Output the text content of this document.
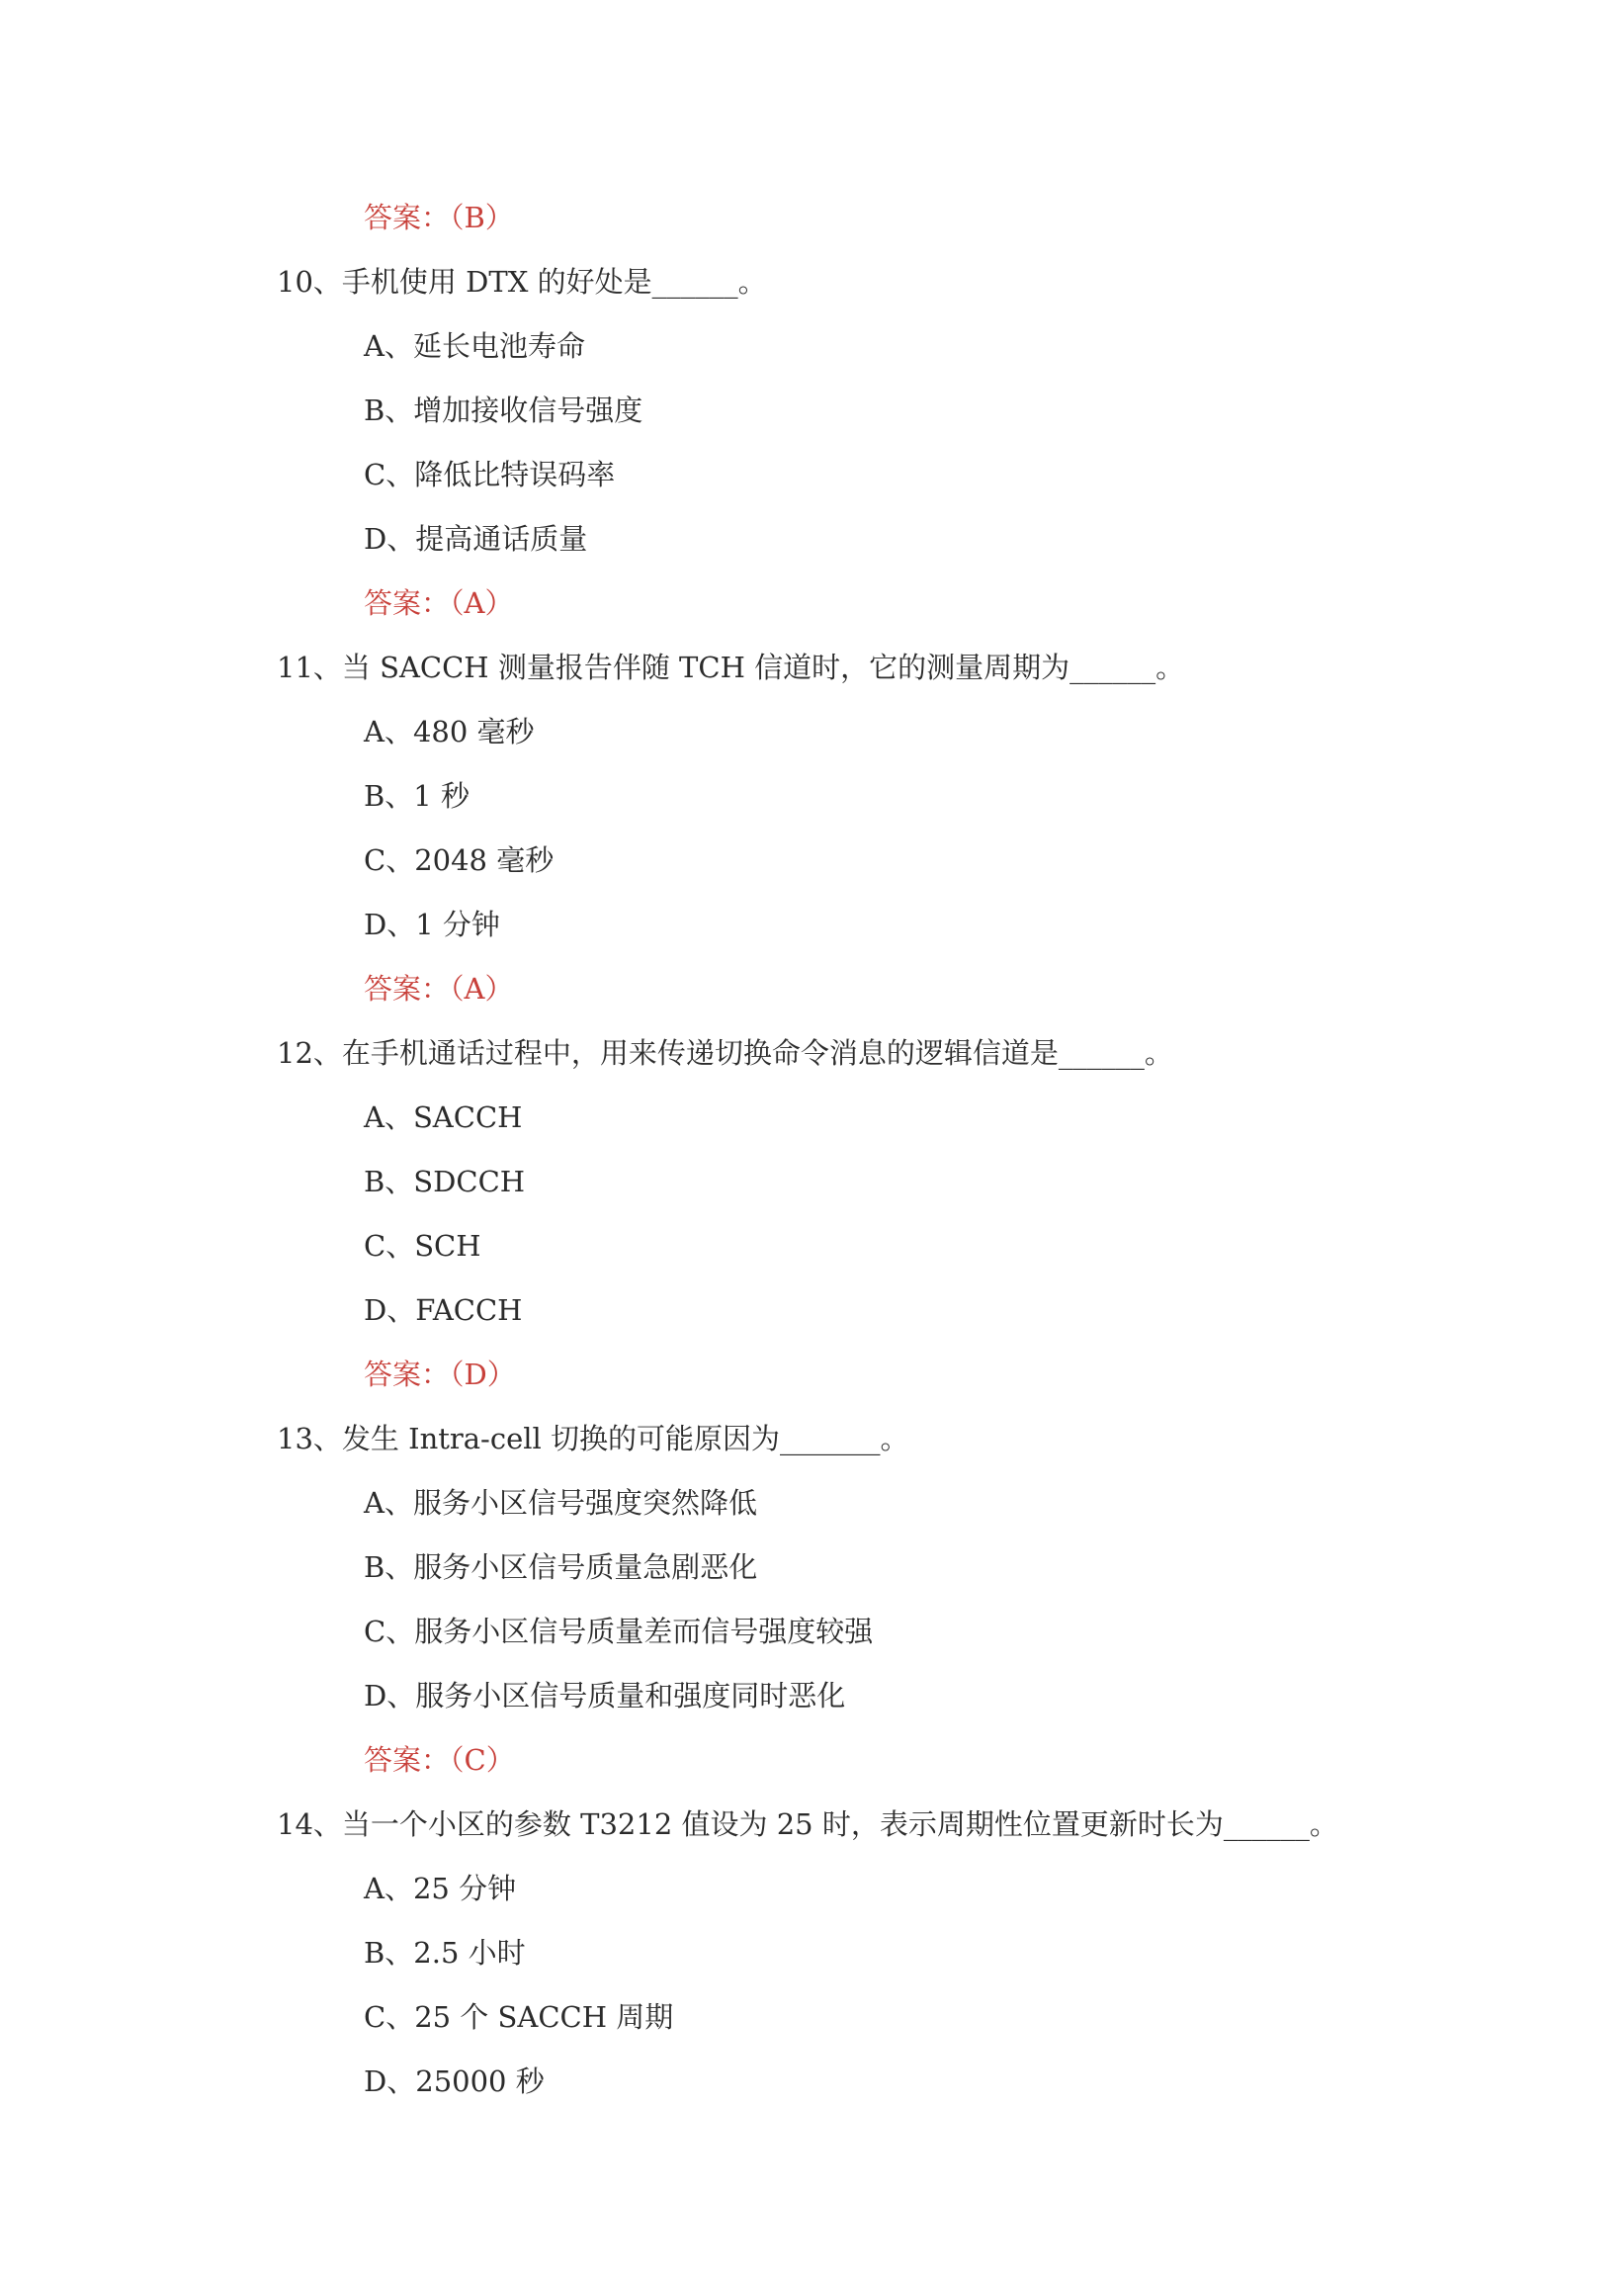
答案：（B）
10、手机使用 DTX 的好处是______。
A、延长电池寿命
B、增加接收信号强度
C、降低比特误码率
D、提高通话质量
答案：（A）
11、当 SACCH 测量报告伴随 TCH 信道时，它的测量周期为______。
A、480 毫秒
B、1 秒
C、2048 毫秒
D、1 分钟
答案：（A）
12、在手机通话过程中，用来传递切换命令消息的逻辑信道是______。
A、SACCH
B、SDCCH
C、SCH
D、FACCH
答案：（D）
13、发生 Intra-cell 切换的可能原因为_______。
A、服务小区信号强度突然降低
B、服务小区信号质量急剧恶化
C、服务小区信号质量差而信号强度较强
D、服务小区信号质量和强度同时恶化
答案：（C）
14、当一个小区的参数 T3212 值设为 25 时，表示周期性位置更新时长为______。
A、25 分钟
B、2.5 小时
C、25 个 SACCH 周期
D、25000 秒
